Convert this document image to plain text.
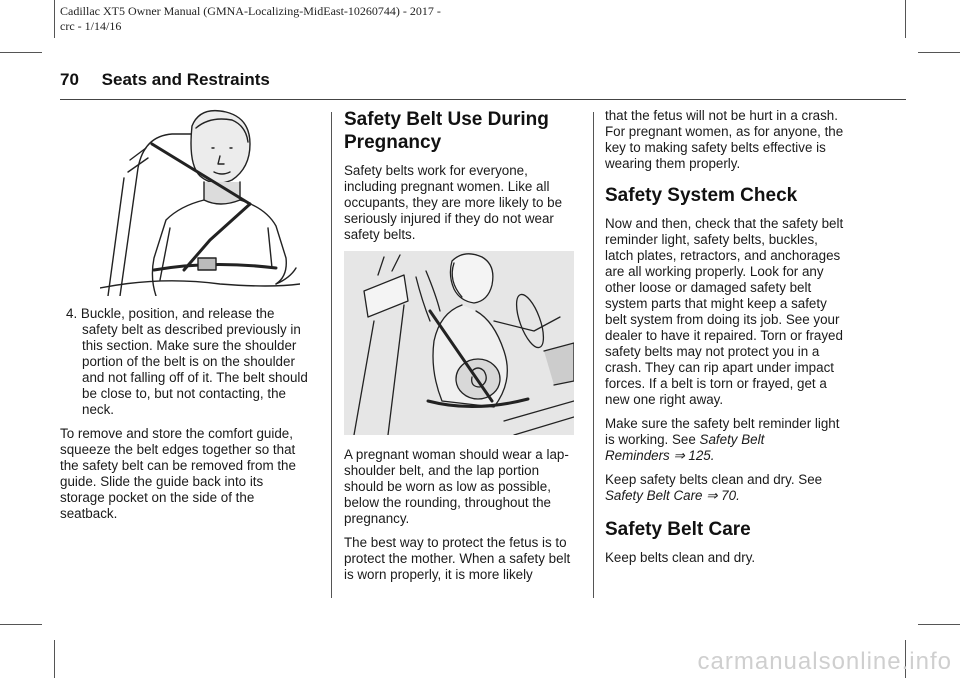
Cadillac XT5 Owner Manual (GMNA-Localizing-MidEast-10260744) - 2017 -
crc - 1/14/16
70 Seats and Restraints

4. Buckle, position, and release the safety belt as described previously in this section. Make sure the shoulder portion of the belt is on the shoulder and not falling off of it. The belt should be close to, but not contacting, the neck.

To remove and store the comfort guide, squeeze the belt edges together so that the safety belt can be removed from the guide. Slide the guide back into its storage pocket on the side of the seatback.

Safety Belt Use During Pregnancy

Safety belts work for everyone, including pregnant women. Like all occupants, they are more likely to be seriously injured if they do not wear safety belts.

A pregnant woman should wear a lap-shoulder belt, and the lap portion should be worn as low as possible, below the rounding, throughout the pregnancy.

The best way to protect the fetus is to protect the mother. When a safety belt is worn properly, it is more likely

that the fetus will not be hurt in a crash. For pregnant women, as for anyone, the key to making safety belts effective is wearing them properly.

Safety System Check

Now and then, check that the safety belt reminder light, safety belts, buckles, latch plates, retractors, and anchorages are all working properly. Look for any other loose or damaged safety belt system parts that might keep a safety belt system from doing its job. See your dealer to have it repaired. Torn or frayed safety belts may not protect you in a crash. They can rip apart under impact forces. If a belt is torn or frayed, get a new one right away.

Make sure the safety belt reminder light is working. See Safety Belt Reminders ⇒ 125.

Keep safety belts clean and dry. See Safety Belt Care ⇒ 70.

Safety Belt Care

Keep belts clean and dry.

carmanualsonline.info
